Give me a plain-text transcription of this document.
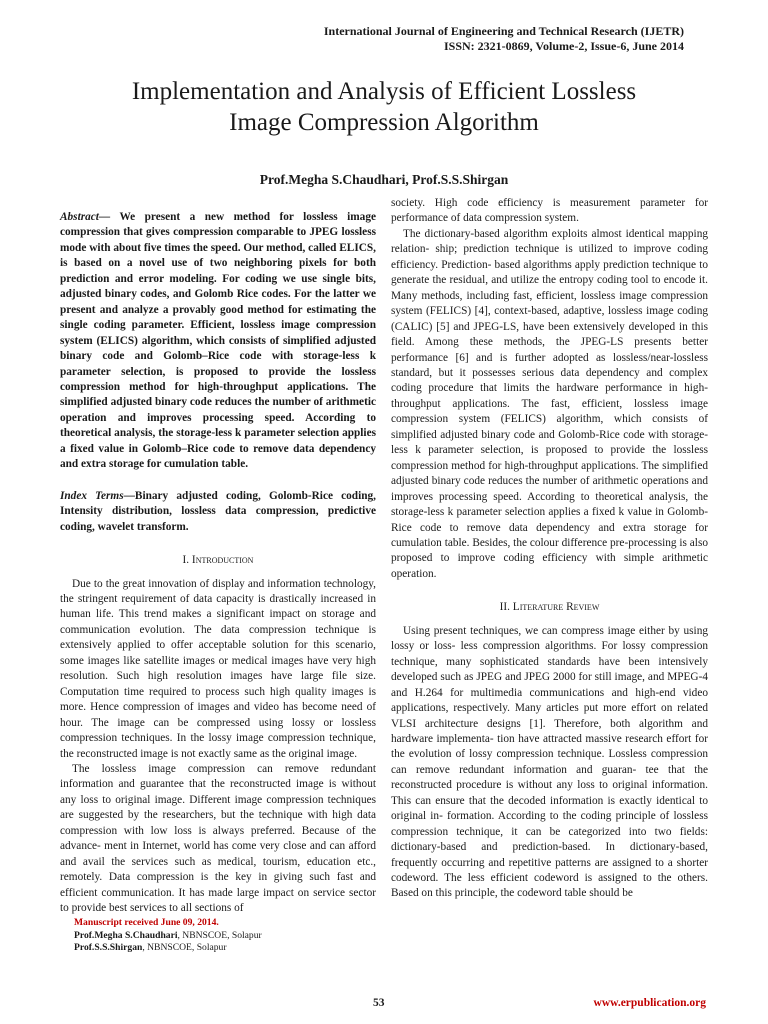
International Journal of Engineering and Technical Research (IJETR)
ISSN: 2321-0869, Volume-2, Issue-6, June 2014
Implementation and Analysis of Efficient Lossless
Image Compression Algorithm
Prof.Megha S.Chaudhari, Prof.S.S.Shirgan

Abstract— We present a new method for lossless image compression that gives compression comparable to JPEG lossless mode with about five times the speed. Our method, called ELICS, is based on a novel use of two neighboring pixels for both prediction and error modeling. For coding we use single bits, adjusted binary codes, and Golomb Rice codes. For the latter we present and analyze a provably good method for estimating the single coding parameter. Efficient, lossless image compression system (ELICS) algorithm, which consists of simplified adjusted binary code and Golomb–Rice code with storage-less k parameter selection, is proposed to provide the lossless compression method for high-throughput applications. The simplified adjusted binary code reduces the number of arithmetic operation and improves processing speed. According to theoretical analysis, the storage-less k parameter selection applies a fixed value in Golomb–Rice code to remove data dependency and extra storage for cumulation table.

Index Terms—Binary adjusted coding, Golomb-Rice coding, Intensity distribution, lossless data compression, predictive coding, wavelet transform.

I. Introduction

Due to the great innovation of display and information technology, the stringent requirement of data capacity is drastically increased in human life. This trend makes a significant impact on storage and communication evolution. The data compression technique is extensively applied to offer acceptable solution for this scenario, some images like satellite images or medical images have very high resolution. Such high resolution images have large file size. Computation time required to process such high quality images is more. Hence compression of images and video has become need of hour. The image can be compressed using lossy or lossless compression techniques. In the lossy image compression technique, the reconstructed image is not exactly same as the original image.

The lossless image compression can remove redundant information and guarantee that the reconstructed image is without any loss to original image. Different image compression techniques are suggested by the researchers, but the technique with high data compression with low loss is always preferred. Because of the advance- ment in Internet, world has come very close and can afford and avail the services such as medical, tourism, education etc., remotely. Data compression is the key in giving such fast and efficient communication. It has made large impact on service sector to provide best services to all sections of

society. High code efficiency is measurement parameter for performance of data compression system.

The dictionary-based algorithm exploits almost identical mapping relation- ship; prediction technique is utilized to improve coding efficiency. Prediction- based algorithms apply prediction technique to generate the residual, and utilize the entropy coding tool to encode it. Many methods, including fast, efficient, lossless image compression system (FELICS) [4], context-based, adaptive, lossless image coding (CALIC) [5] and JPEG-LS, have been extensively developed in this field. Among these methods, the JPEG-LS presents better performance [6] and is further adopted as lossless/near-lossless standard, but it possesses serious data dependency and complex coding procedure that limits the hardware performance in high-throughput applications. The fast, efficient, lossless image compression system (FELICS) algorithm, which consists of simplified adjusted binary code and Golomb-Rice code with storage-less k parameter selection, is proposed to provide the lossless compression method for high-throughput applications. The simplified adjusted binary code reduces the number of arithmetic operations and improves processing speed. According to theoretical analysis, the storage-less k parameter selection applies a fixed k value in Golomb-Rice code to remove data dependency and extra storage for cumulation table. Besides, the colour difference pre-processing is also proposed to improve coding efficiency with simple arithmetic operation.

II. Literature Review

Using present techniques, we can compress image either by using lossy or loss- less compression algorithms. For lossy compression technique, many sophisticated standards have been intensively developed such as JPEG and JPEG 2000 for still image, and MPEG-4 and H.264 for multimedia communications and high-end video applications, respectively. Many articles put more effort on related VLSI architecture designs [1]. Therefore, both algorithm and hardware implementa- tion have attracted massive research effort for the evolution of lossy compression technique. Lossless compression can remove redundant information and guaran- tee that the reconstructed procedure is without any loss to original information. This can ensure that the decoded information is exactly identical to original in- formation. According to the coding principle of lossless compression technique, it can be categorized into two fields: dictionary-based and prediction-based. In dictionary-based, frequently occurring and repetitive patterns are assigned to a shorter codeword. The less efficient codeword is assigned to the others. Based on this principle, the codeword table should be

Manuscript received June 09, 2014.
Prof.Megha S.Chaudhari, NBNSCOE, Solapur
Prof.S.S.Shirgan, NBNSCOE, Solapur
53	www.erpublication.org
